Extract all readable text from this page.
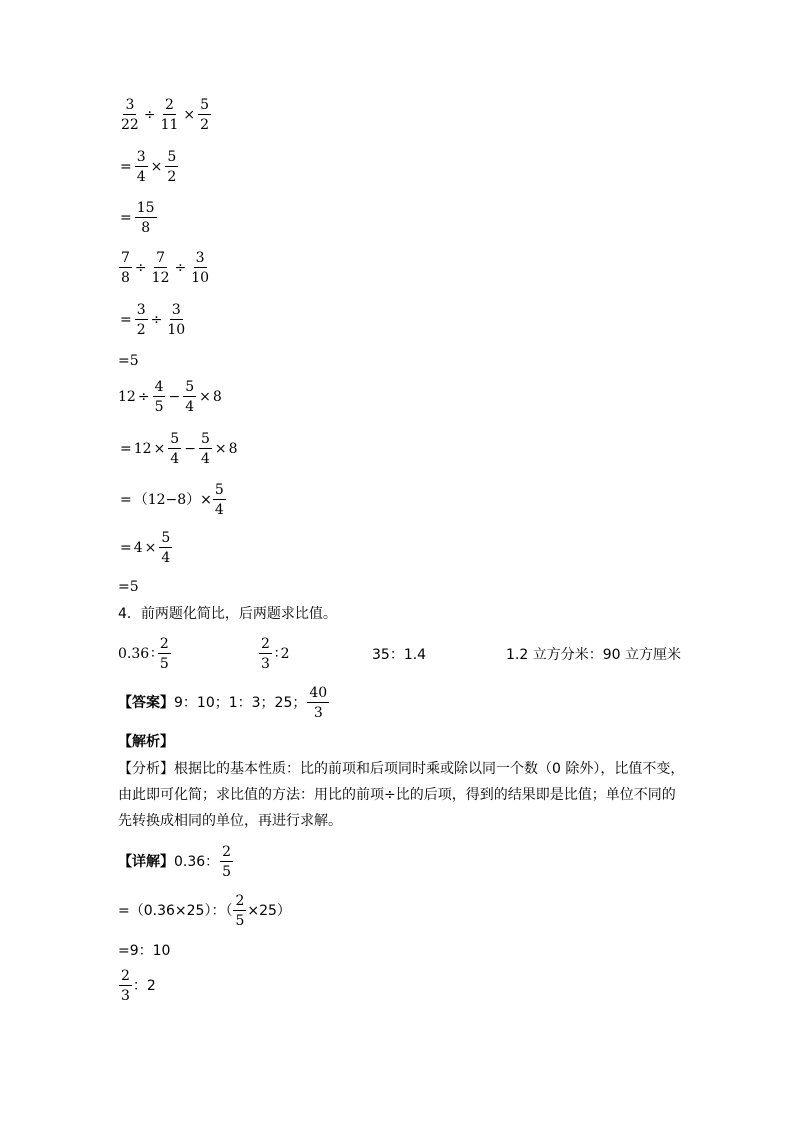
$\frac{3}{22} \div \frac{2}{11} \times \frac{5}{2}$
= $\frac{3}{4} \times \frac{5}{2}$
= $\frac{15}{8}$
$\frac{7}{8} \div \frac{7}{12} \div \frac{3}{10}$
= $\frac{3}{2} \div \frac{3}{10}$
=5
$12 \div \frac{4}{5} - \frac{5}{4} \times 8$
= $12 \times \frac{5}{4} - \frac{5}{4} \times 8$
= （ 12−8 ）× $\frac{5}{4}$
= $4 \times \frac{5}{4}$
=5
4．前两题化简比，后两题求比值。
0.36 ∶ $\frac{2}{5}$	$\frac{2}{3}$ ∶ 2	35：1.4	1.2 立方分米：90 立方厘米
【答案】 9：10；1：3；25； $\frac{40}{3}$
【解析】
【分析】根据比的基本性质：比的前项和后项同时乘或除以同一个数（0 除外），比值不变，由此即可化简；求比值的方法：用比的前项÷比的后项，得到的结果即是比值；单位不同的先转换成相同的单位，再进行求解。
【详解】 0.36： $\frac{2}{5}$
=（0.36×25）：（ $\frac{2}{5} \times 25$）
=9：10
$\frac{2}{3}$ ：2
